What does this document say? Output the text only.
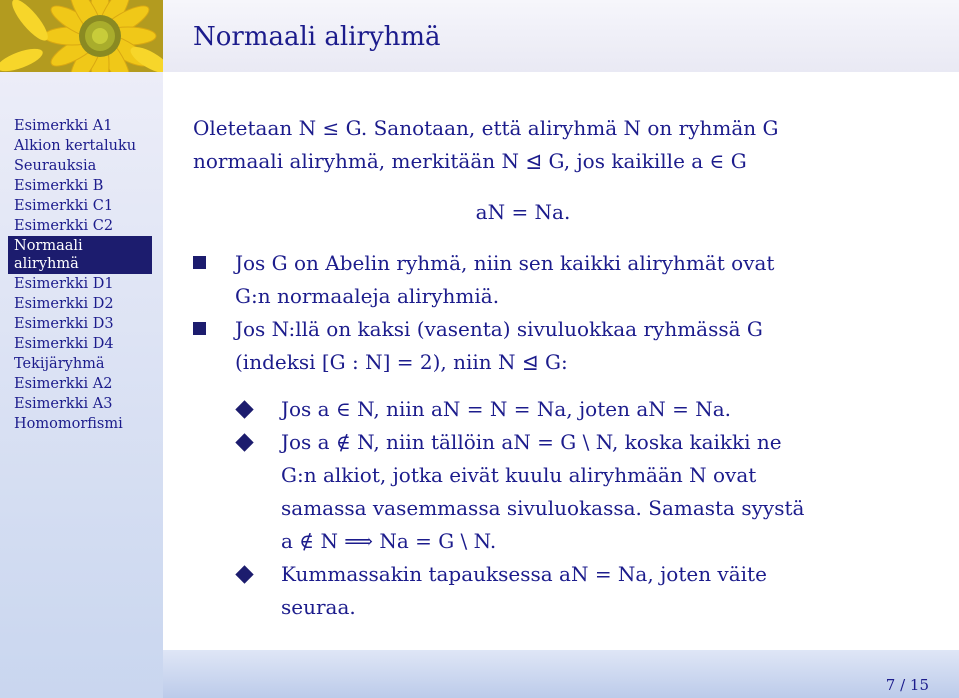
Normaali aliryhmä
Esimerkki A1
Alkion kertaluku
Seurauksia
Esimerkki B
Esimerkki C1
Esimerkki C2
Normaali
aliryhmä
Esimerkki D1
Esimerkki D2
Esimerkki D3
Esimerkki D4
Tekijäryhmä
Esimerkki A2
Esimerkki A3
Homomorfismi

Oletetaan N ≤ G. Sanotaan, että aliryhmä N on ryhmän G

normaali aliryhmä, merkitään N ⊴ G, jos kaikille a ∈ G

aN = Na.

Jos G on Abelin ryhmä, niin sen kaikki aliryhmät ovat
G:n normaaleja aliryhmiä.
Jos N:llä on kaksi (vasenta) sivuluokkaa ryhmässä G
(indeksi [G : N] = 2), niin N ⊴ G:
Jos a ∈ N, niin aN = N = Na, joten aN = Na.
Jos a ∉ N, niin tällöin aN = G \ N, koska kaikki ne
G:n alkiot, jotka eivät kuulu aliryhmään N ovat
samassa vasemmassa sivuluokassa. Samasta syystä
a ∉ N ⟹ Na = G \ N.
Kummassakin tapauksessa aN = Na, joten väite
seuraa.
7 / 15
